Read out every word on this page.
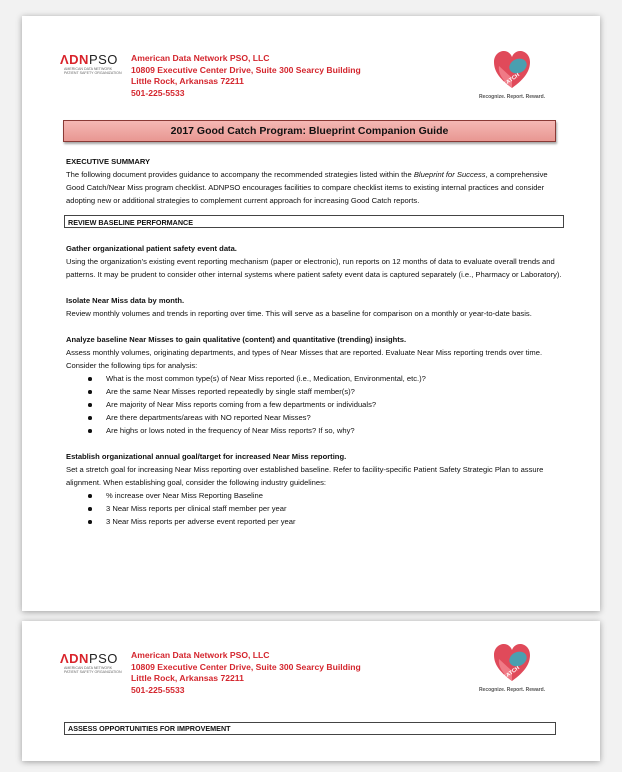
ΛDNPSO
AMERICAN DATA NETWORK PATIENT SAFETY ORGANIZATION
American Data Network PSO, LLC
10809 Executive Center Drive, Suite 300 Searcy Building
Little Rock, Arkansas 72211
501-225-5533
CATCH
Recognize. Report. Reward.
2017 Good Catch Program: Blueprint Companion Guide
EXECUTIVE SUMMARY

The following document provides guidance to accompany the recommended strategies listed within the Blueprint for Success, a comprehensive Good Catch/Near Miss program checklist. ADNPSO encourages facilities to compare checklist items to existing internal practices and consider adopting new or additional strategies to complement current approach for increasing Good Catch reports.

REVIEW BASELINE PERFORMANCE
Gather organizational patient safety event data.

Using the organization’s existing event reporting mechanism (paper or electronic), run reports on 12 months of data to evaluate overall trends and patterns. It may be prudent to consider other internal systems where patient safety event data is captured separately (i.e., Pharmacy or Laboratory).

Isolate Near Miss data by month.

Review monthly volumes and trends in reporting over time. This will serve as a baseline for comparison on a monthly or year-to-date basis.

Analyze baseline Near Misses to gain qualitative (content) and quantitative (trending) insights.

Assess monthly volumes, originating departments, and types of Near Misses that are reported. Evaluate Near Miss reporting trends over time. Consider the following tips for analysis:

What is the most common type(s) of Near Miss reported (i.e., Medication, Environmental, etc.)?
Are the same Near Misses reported repeatedly by single staff member(s)?
Are majority of Near Miss reports coming from a few departments or individuals?
Are there departments/areas with NO reported Near Misses?
Are highs or lows noted in the frequency of Near Miss reports? If so, why?
Establish organizational annual goal/target for increased Near Miss reporting.

Set a stretch goal for increasing Near Miss reporting over established baseline. Refer to facility-specific Patient Safety Strategic Plan to assure alignment. When establishing goal, consider the following industry guidelines:

% increase over Near Miss Reporting Baseline
3 Near Miss reports per clinical staff member per year
3 Near Miss reports per adverse event reported per year
ΛDNPSO
AMERICAN DATA NETWORK PATIENT SAFETY ORGANIZATION
American Data Network PSO, LLC
10809 Executive Center Drive, Suite 300 Searcy Building
Little Rock, Arkansas 72211
501-225-5533
CATCH
Recognize. Report. Reward.
ASSESS OPPORTUNITIES FOR IMPROVEMENT
